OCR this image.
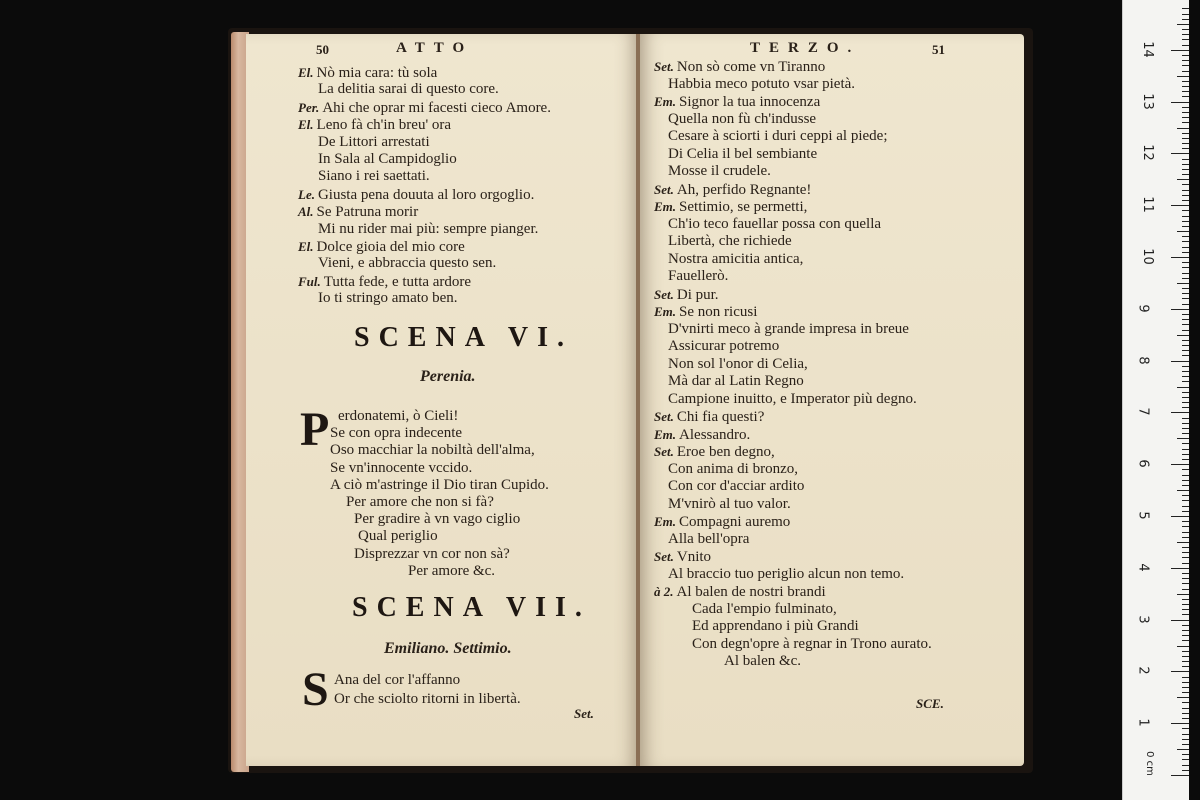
50	ATTO
El. Nò mia cara: tù sola
La delitia sarai di questo core.
Per. Ahi che oprar mi facesti cieco Amore.
El. Leno fà ch'in breu' ora
De Littori arrestati
In Sala al Campidoglio
Siano i rei saettati.
Le. Giusta pena douuta al loro orgoglio.
Al. Se Patruna morir
Mi nu rider mai più: sempre pianger.
El. Dolce gioia del mio core
Vieni, e abbraccia questo sen.
Ful. Tutta fede, e tutta ardore
Io ti stringo amato ben.
SCENA VI.
Perenia.
P erdonatemi, ò Cieli!
Se con opra indecente
Oso macchiar la nobiltà dell'alma,
Se vn'innocente vccido.
A ciò m'astringe il Dio tiran Cupido.
Per amore che non si fà?
Per gradire à vn vago ciglio
Qual periglio
Disprezzar vn cor non sà?
Per amore &c.
SCENA VII.
Emiliano. Settimio.
S Ana del cor l'affanno
Or che sciolto ritorni in libertà.
Set.
TERZO.	51
Set. Non sò come vn Tiranno
Habbia meco potuto vsar pietà.
Em. Signor la tua innocenza
Quella non fù ch'indusse
Cesare à sciorti i duri ceppi al piede;
Di Celia il bel sembiante
Mosse il crudele.
Set. Ah, perfido Regnante!
Em. Settimio, se permetti,
Ch'io teco fauellar possa con quella
Libertà, che richiede
Nostra amicitia antica,
Fauellerò.
Set. Di pur.
Em. Se non ricusi
D'vnirti meco à grande impresa in breue
Assicurar potremo
Non sol l'onor di Celia,
Mà dar al Latin Regno
Campione inuitto, e Imperator più degno.
Set. Chi fia questi?
Em. Alessandro.
Set. Eroe ben degno,
Con anima di bronzo,
Con cor d'acciar ardito
M'vnirò al tuo valor.
Em. Compagni auremo
Alla bell'opra
Set. Vnito
Al braccio tuo periglio alcun non temo.
à 2. Al balen de nostri brandi
Cada l'empio fulminato,
Ed apprendano i più Grandi
Con degn'opre à regnar in Trono aurato.
Al balen &c.
SCE.
1
2
3
4
5
6
7
8
9
10
11
12
13
14
0 cm
